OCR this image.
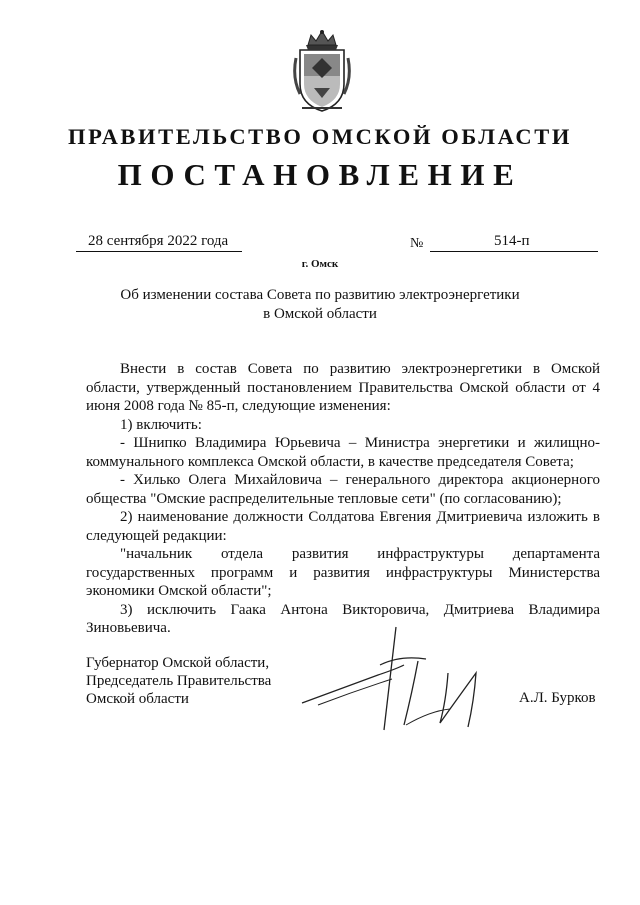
ПРАВИТЕЛЬСТВО ОМСКОЙ ОБЛАСТИ
ПОСТАНОВЛЕНИЕ
28 сентября 2022 года	№	514-п
г. Омск
Об изменении состава Совета по развитию электроэнергетики
в Омской области

Внести в состав Совета по развитию электроэнергетики в Омской области, утвержденный постановлением Правительства Омской области от 4 июня 2008 года № 85-п, следующие изменения:

1) включить:

- Шнипко Владимира Юрьевича – Министра энергетики и жилищно-коммунального комплекса Омской области, в качестве председателя Совета;

- Хилько Олега Михайловича – генерального директора акционерного общества "Омские распределительные тепловые сети" (по согласованию);

2) наименование должности Солдатова Евгения Дмитриевича изложить в следующей редакции:

"начальник отдела развития инфраструктуры департамента государственных программ и развития инфраструктуры Министерства экономики Омской области";

3) исключить Гаака Антона Викторовича, Дмитриева Владимира Зиновьевича.

Губернатор Омской области,
Председатель Правительства
Омской области	А.Л. Бурков
